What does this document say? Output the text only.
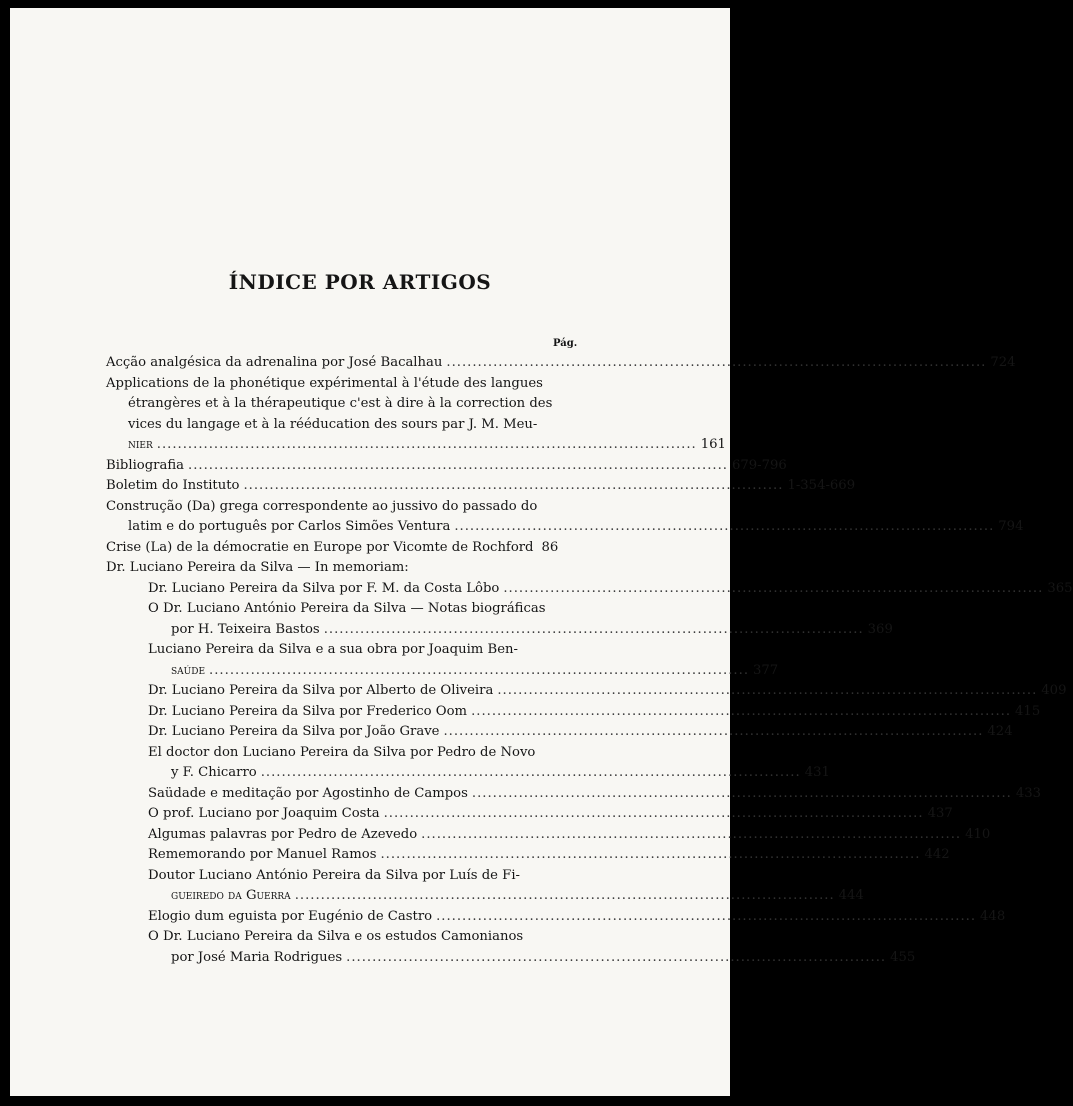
ÍNDICE POR ARTIGOS
Pág.
Acção analgésica da adrenalina por José Bacalhau ........................................................................................................ 724
Applications de la phonétique expérimental à l'étude des langues
étrangères et à la thérapeutique c'est à dire à la correction des
vices du langage et à la rééducation des sours par J. M. Meu-
nier ........................................................................................................ 161
Bibliografia ........................................................................................................ 679-796
Boletim do Instituto ........................................................................................................ 1-354-669
Construção (Da) grega correspondente ao jussivo do passado do
latim e do português por Carlos Simões Ventura ........................................................................................................ 794
Crise (La) de la démocratie en Europe por Vicomte de Rochford 86
Dr. Luciano Pereira da Silva — In memoriam:
Dr. Luciano Pereira da Silva por F. M. da Costa Lôbo ........................................................................................................ 365
O Dr. Luciano António Pereira da Silva — Notas biográficas
por H. Teixeira Bastos ........................................................................................................ 369
Luciano Pereira da Silva e a sua obra por Joaquim Ben-
saúde ........................................................................................................ 377
Dr. Luciano Pereira da Silva por Alberto de Oliveira ........................................................................................................ 409
Dr. Luciano Pereira da Silva por Frederico Oom ........................................................................................................ 415
Dr. Luciano Pereira da Silva por João Grave ........................................................................................................ 424
El doctor don Luciano Pereira da Silva por Pedro de Novo
y F. Chicarro ........................................................................................................ 431
Saüdade e meditação por Agostinho de Campos ........................................................................................................ 433
O prof. Luciano por Joaquim Costa ........................................................................................................ 437
Algumas palavras por Pedro de Azevedo ........................................................................................................ 410
Rememorando por Manuel Ramos ........................................................................................................ 442
Doutor Luciano António Pereira da Silva por Luís de Fi-
gueiredo da Guerra ........................................................................................................ 444
Elogio dum eguista por Eugénio de Castro ........................................................................................................ 448
O Dr. Luciano Pereira da Silva e os estudos Camonianos
por José Maria Rodrigues ........................................................................................................ 455
